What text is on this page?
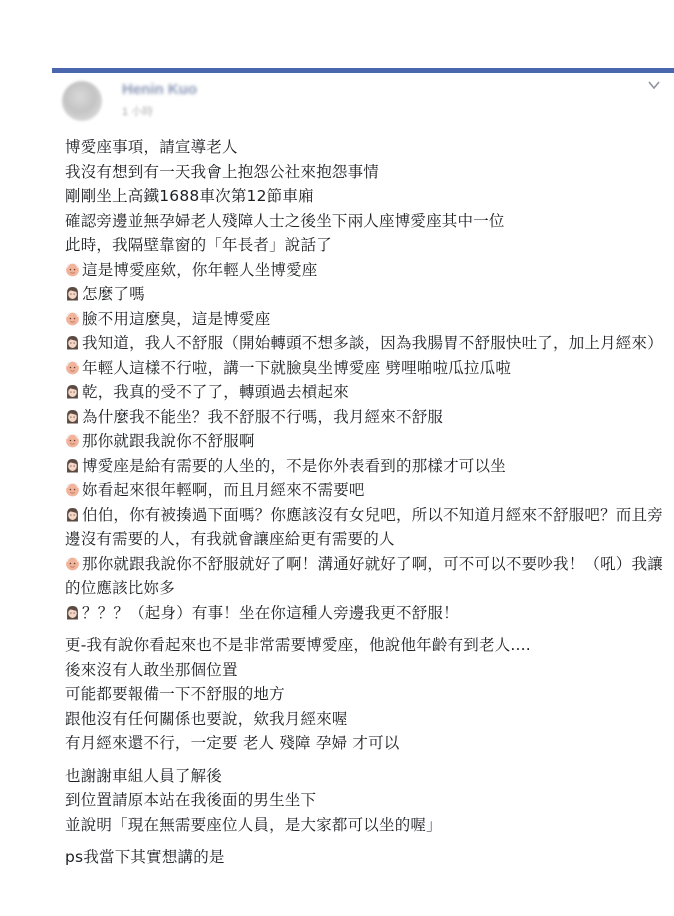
Henin Kuo
1 小時
博愛座事項，請宣導老人
我沒有想到有一天我會上抱怨公社來抱怨事情
剛剛坐上高鐵1688車次第12節車廂
確認旁邊並無孕婦老人殘障人士之後坐下兩人座博愛座其中一位
此時，我隔壁靠窗的「年長者」說話了
這是博愛座欸，你年輕人坐博愛座
怎麼了嗎
臉不用這麼臭，這是博愛座
我知道，我人不舒服（開始轉頭不想多談，因為我腸胃不舒服快吐了，加上月經來）
年輕人這樣不行啦，講一下就臉臭坐博愛座 劈哩啪啦瓜拉瓜啦
乾，我真的受不了了，轉頭過去槓起來
為什麼我不能坐？我不舒服不行嗎，我月經來不舒服
那你就跟我說你不舒服啊
博愛座是給有需要的人坐的，不是你外表看到的那樣才可以坐
妳看起來很年輕啊，而且月經來不需要吧
伯伯，你有被揍過下面嗎？你應該沒有女兒吧，所以不知道月經來不舒服吧？而且旁邊沒有需要的人，有我就會讓座給更有需要的人
那你就跟我說你不舒服就好了啊！溝通好就好了啊，可不可以不要吵我！（吼）我讓的位應該比妳多
？？？（起身）有事！坐在你這種人旁邊我更不舒服！
更-我有說你看起來也不是非常需要博愛座，他說他年齡有到老人....
後來沒有人敢坐那個位置
可能都要報備一下不舒服的地方
跟他沒有任何關係也要說，欸我月經來喔
有月經來還不行，一定要 老人 殘障 孕婦 才可以
也謝謝車組人員了解後
到位置請原本站在我後面的男生坐下
並說明「現在無需要座位人員，是大家都可以坐的喔」
ps我當下其實想講的是
